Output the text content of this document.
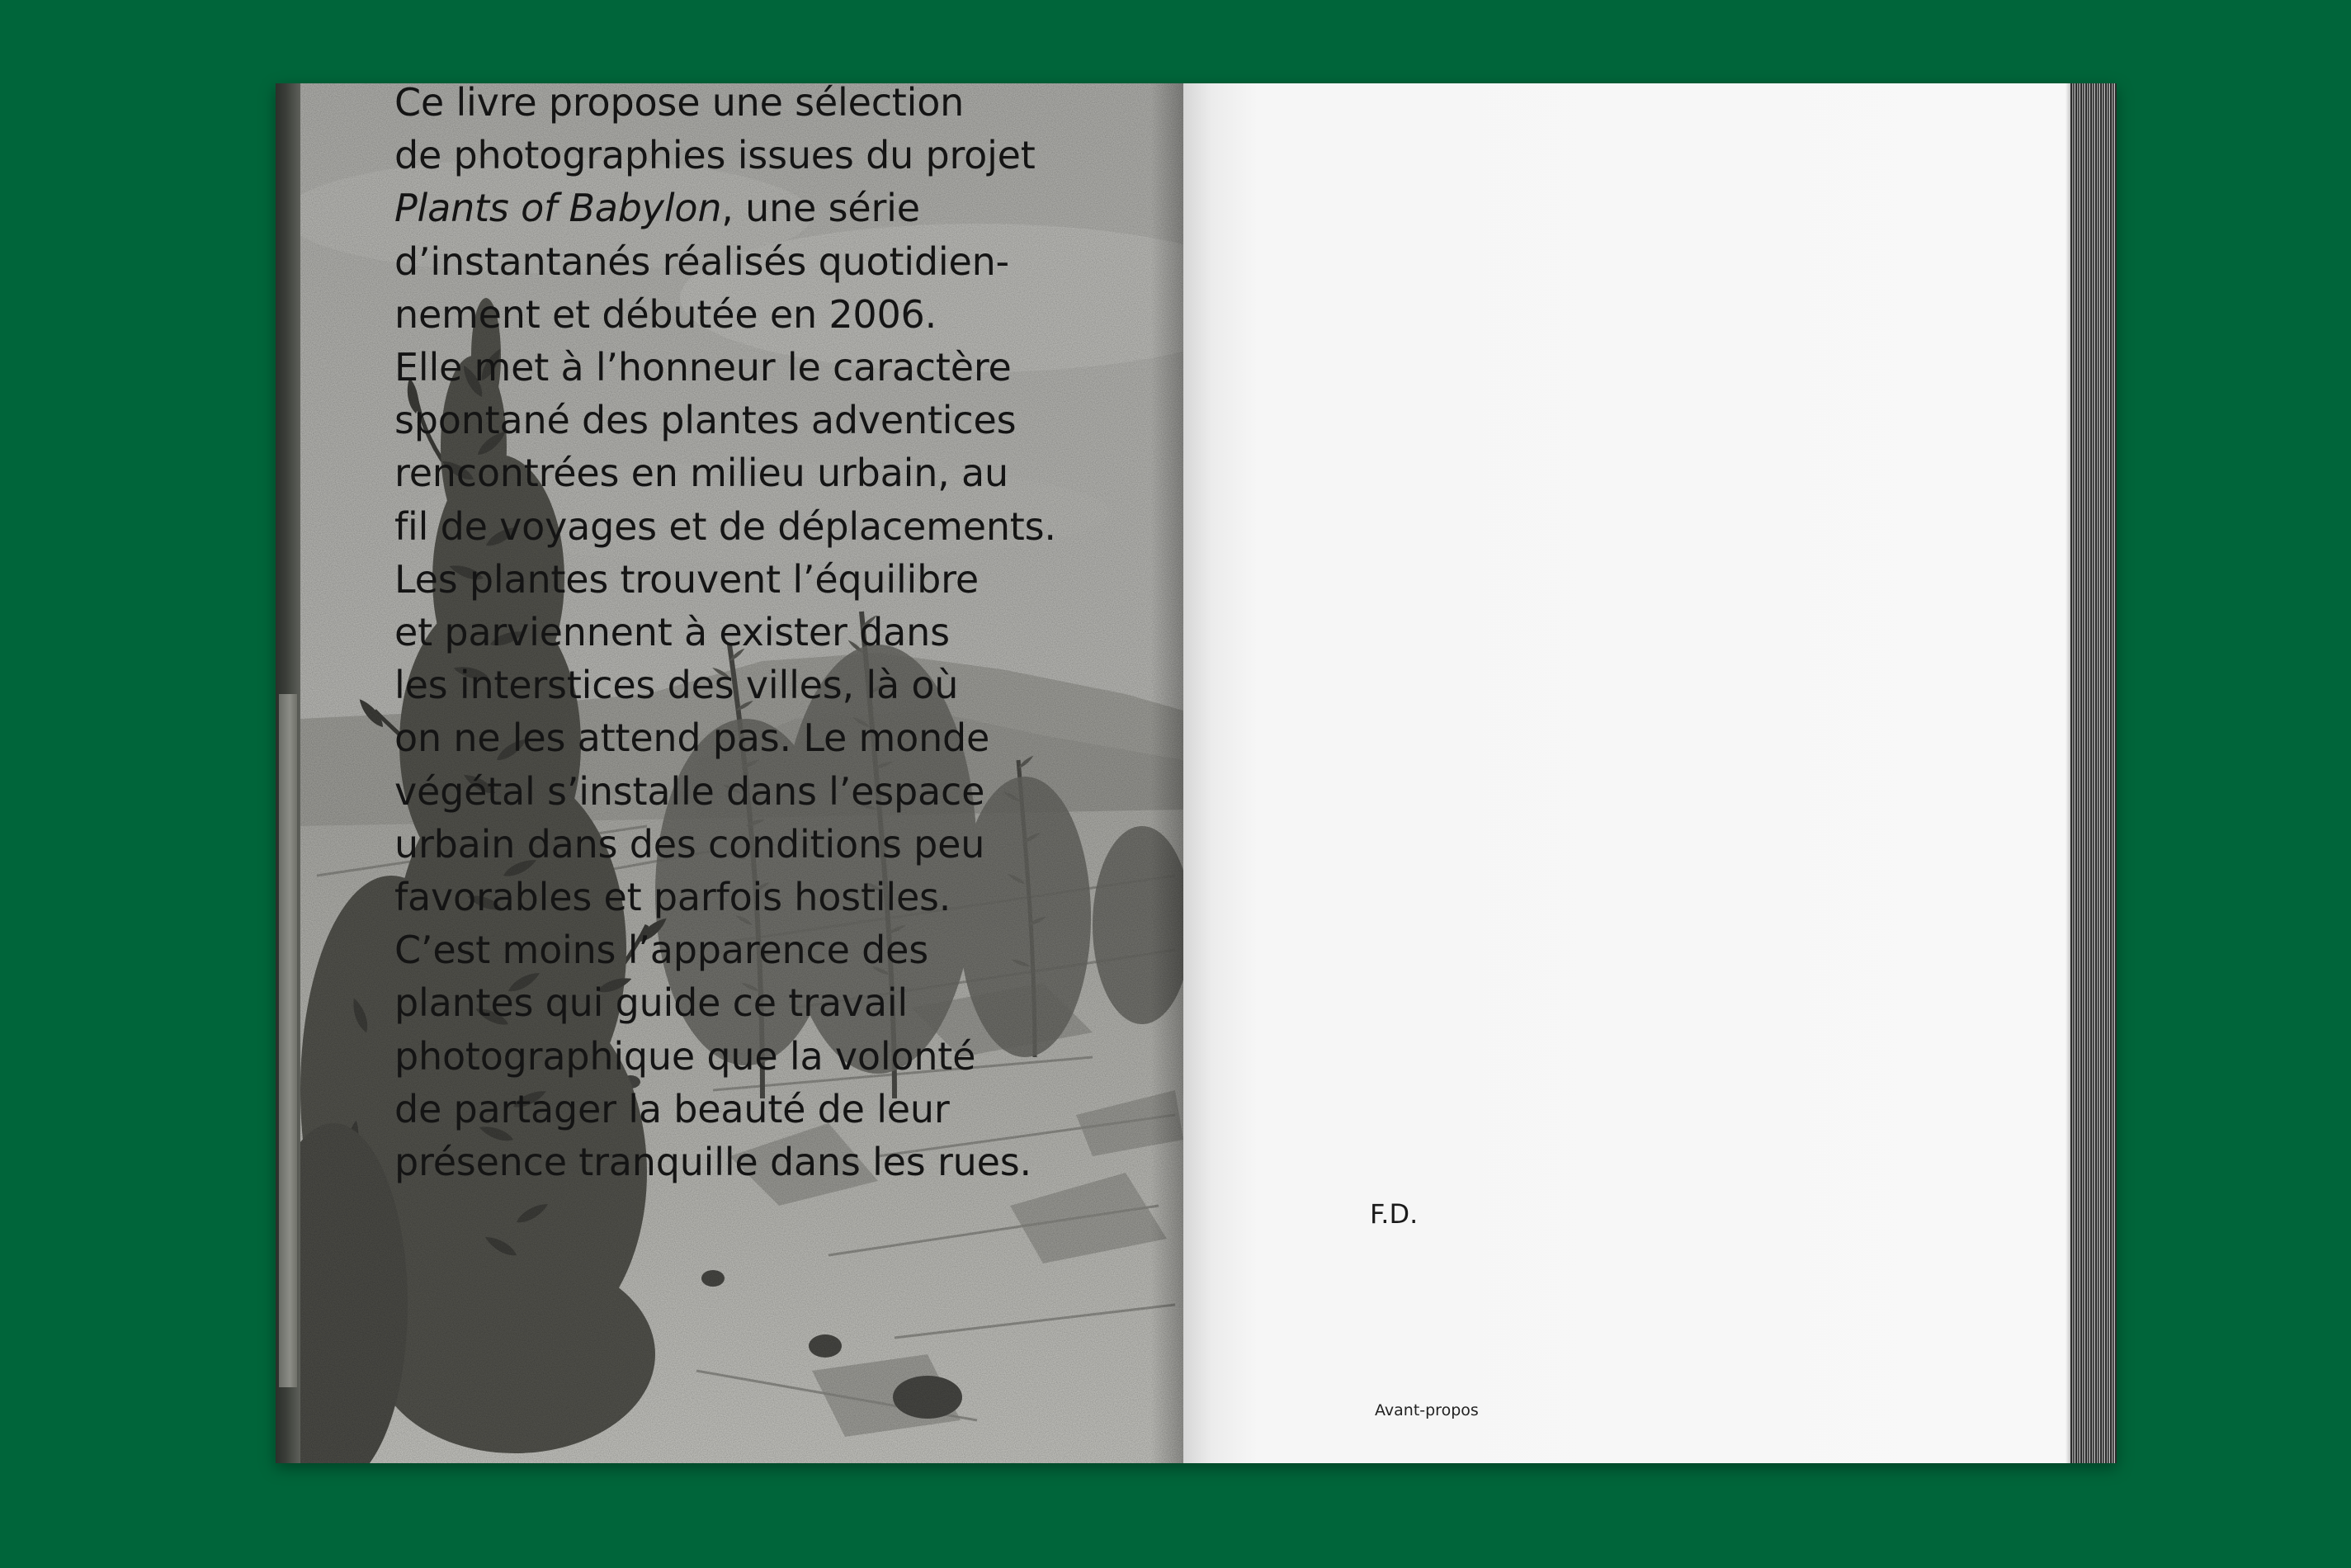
Ce livre propose une sélection
de photographies issues du projet
Plants of Babylon, une série
d’instantanés réalisés quotidien-
nement et débutée en 2006.
Elle met à l’honneur le caractère
spontané des plantes adventices
rencontrées en milieu urbain, au
fil de voyages et de déplacements.
Les plantes trouvent l’équilibre
et parviennent à exister dans
les interstices des villes, là où
on ne les attend pas. Le monde
végétal s’installe dans l’espace
urbain dans des conditions peu
favorables et parfois hostiles.
C’est moins l’apparence des
plantes qui guide ce travail
photographique que la volonté
de partager la beauté de leur
présence tranquille dans les rues.
F.D.
Avant-propos
